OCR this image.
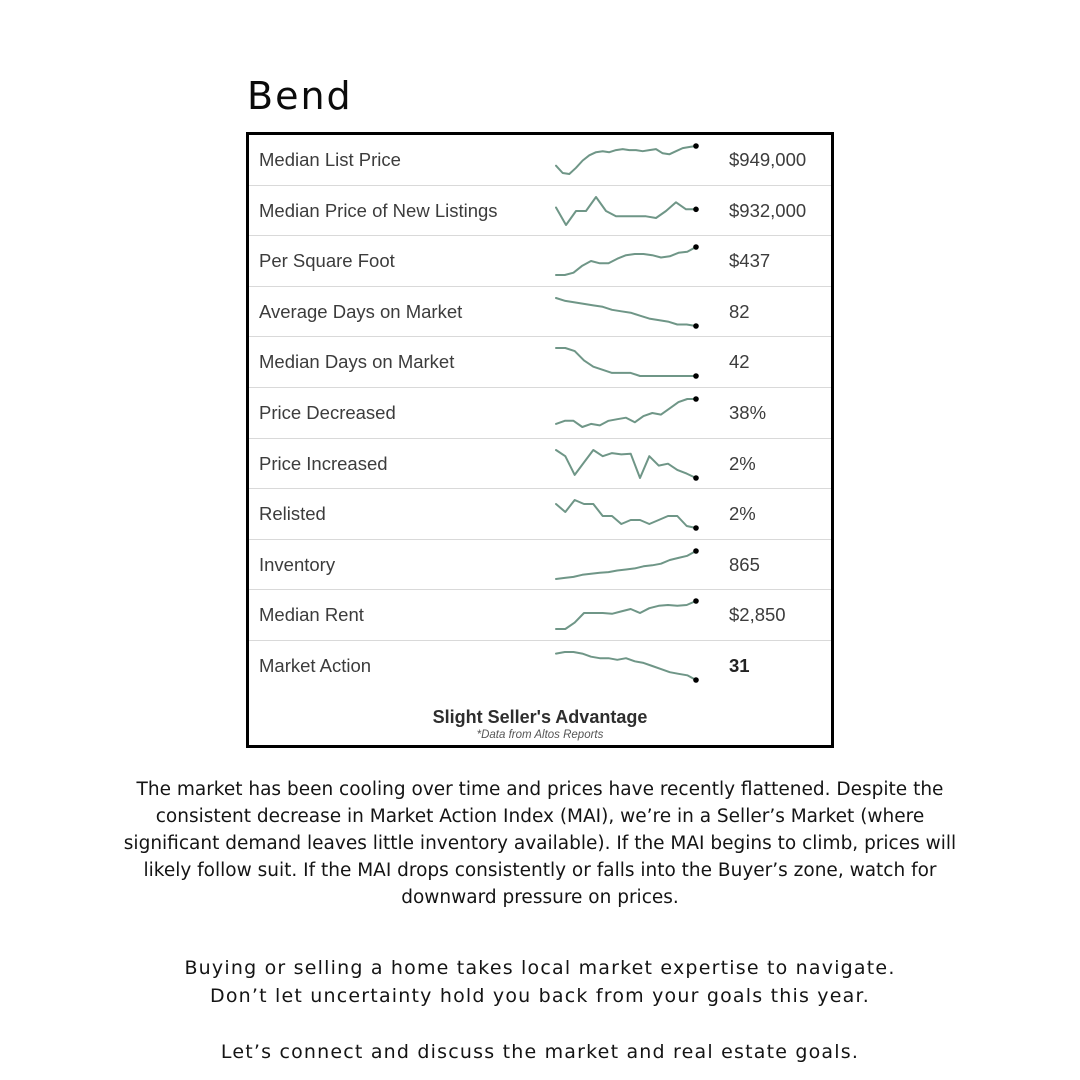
Bend
Median List Price	$949,000
Median Price of New Listings	$932,000
Per Square Foot	$437
Average Days on Market	82
Median Days on Market	42
Price Decreased	38%
Price Increased	2%
Relisted	2%
Inventory	865
Median Rent	$2,850
Market Action	31
Slight Seller's Advantage
*Data from Altos Reports

The market has been cooling over time and prices have recently flattened. Despite the consistent decrease in Market Action Index (MAI), we’re in a Seller’s Market (where significant demand leaves little inventory available). If the MAI begins to climb, prices will likely follow suit. If the MAI drops consistently or falls into the Buyer’s zone, watch for downward pressure on prices.

Buying or selling a home takes local market expertise to navigate.
Don’t let uncertainty hold you back from your goals this year.
Let’s connect and discuss the market and real estate goals.
